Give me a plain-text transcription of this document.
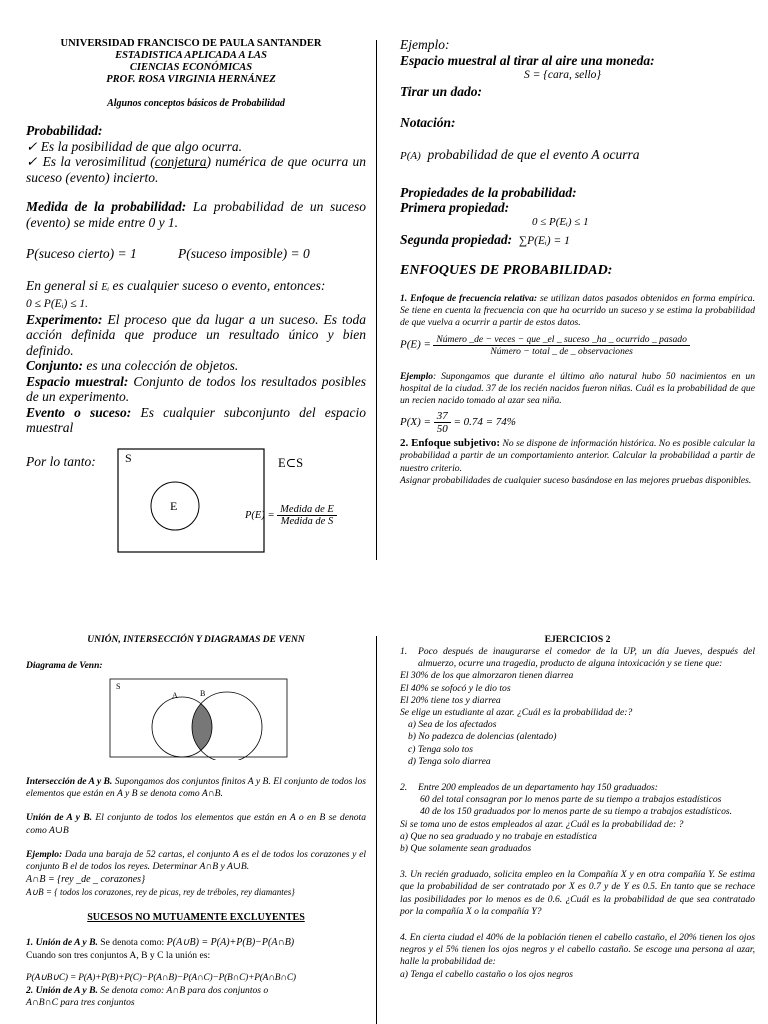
UNIVERSIDAD FRANCISCO DE PAULA SANTANDER
ESTADISTICA APLICADA A LAS
CIENCIAS ECONÓMICAS
PROF. ROSA VIRGINIA HERNÁNEZ
Algunos conceptos básicos de Probabilidad

Probabilidad:

✓ Es la posibilidad de que algo ocurra.

✓ Es la verosimilitud (conjetura) numérica de que ocurra un suceso (evento) incierto.

Medida de la probabilidad: La probabilidad de un suceso (evento) se mide entre 0 y 1.

P(suceso cierto) = 1	P(suceso imposible) = 0

En general si Eᵢ es cualquier suceso o evento, entonces:

0 ≤ P(Eᵢ) ≤ 1.

Experimento: El proceso que da lugar a un suceso. Es toda acción definida que produce un resultado único y bien definido.

Conjunto: es una colección de objetos.

Espacio muestral: Conjunto de todos los resultados posibles de un experimento.

Evento o suceso: Es cualquier subconjunto del espacio muestral

Por lo tanto: S
E
E⊂S
$P(E) = \frac{\text{Medida de E}}{\text{Medida de S}}$

Ejemplo:

Espacio muestral al tirar al aire una moneda:

S = {cara, sello}

Tirar un dado:

Notación:

P(A) probabilidad de que el evento A ocurra

Propiedades de la probabilidad:

Primera propiedad:

0 ≤ P(Eᵢ) ≤ 1

Segunda propiedad: ∑P(Eᵢ) = 1

ENFOQUES DE PROBABILIDAD:

1. Enfoque de frecuencia relativa: se utilizan datos pasados obtenidos en forma empírica. Se tiene en cuenta la frecuencia con que ha ocurrido un suceso y se estima la probabilidad de que vuelva a ocurrir a partir de estos datos.

P(E) = Número _de − veces − que _el _ suceso _ha _ ocurrido _ pasado
Número − total _ de _ observaciones

Ejemplo: Supongamos que durante el último año natural hubo 50 nacimientos en un hospital de la ciudad. 37 de los recién nacidos fueron niñas. Cuál es la probabilidad de que un recien nacido tomado al azar sea niña.

$P(X) = \frac{37}{50} = 0.74 = 74\%$

2. Enfoque subjetivo: No se dispone de información histórica. No es posible calcular la probabilidad a partir de un comportamiento anterior. Calcular la probabilidad a partir de nuestro criterio.

Asignar probabilidades de cualquier suceso basándose en las mejores pruebas disponibles.

UNIÓN, INTERSECCIÓN Y DIAGRAMAS DE VENN

Diagrama de Venn:

S
A	B

Intersección de A y B. Supongamos dos conjuntos finitos A y B. El conjunto de todos los elementos que están en A y B se denota como A∩B.

Unión de A y B. El conjunto de todos los elementos que están en A o en B se denota como A∪B

Ejemplo: Dada una baraja de 52 cartas, el conjunto A es el de todos los corazones y el conjunto B el de todos los reyes. Determinar A∩B y A∪B.

A∩B = {rey _de _ corazones}

A∪B = { todos los corazones, rey de picas, rey de tréboles, rey diamantes}

SUCESOS NO MUTUAMENTE EXCLUYENTES

1. Unión de A y B. Se denota como: P(A∪B) = P(A)+P(B)−P(A∩B)

Cuando son tres conjuntos A, B y C la unión es:

P(A∪B∪C) = P(A)+P(B)+P(C)−P(A∩B)−P(A∩C)−P(B∩C)+P(A∩B∩C)

2. Unión de A y B. Se denota como: A∩B para dos conjuntos o

A∩B∩C para tres conjuntos

EJERCICIOS 2

1. Poco después de inaugurarse el comedor de la UP, un día Jueves, después del almuerzo, ocurre una tragedia, producto de alguna intoxicación y se tiene que:

El 30% de los que almorzaron tienen diarrea

El 40% se sofocó y le dio tos

El 20% tiene tos y diarrea

Se elige un estudiante al azar. ¿Cuál es la probabilidad de:?

a) Sea de los afectados

b) No padezca de dolencias (alentado)

c) Tenga solo tos

d) Tenga solo diarrea

2. Entre 200 empleados de un departamento hay 150 graduados:

60 del total consagran por lo menos parte de su tiempo a trabajos estadísticos

40 de los 150 graduados por lo menos parte de su tiempo a trabajos estadísticos.

Si se toma uno de estos empleados al azar. ¿Cuál es la probabilidad de: ?

a) Que no sea graduado y no trabaje en estadística

b) Que solamente sean graduados

3. Un recién graduado, solicita empleo en la Compañía X y en otra compañía Y. Se estima que la probabilidad de ser contratado por X es 0.7 y de Y es 0.5. En tanto que se rechace las posibilidades por lo menos es de 0.6. ¿Cuál es la probabilidad de que sea contratado por la compañía X o la compañía Y?

4. En cierta ciudad el 40% de la población tienen el cabello castaño, el 20% tienen los ojos negros y el 5% tienen los ojos negros y el cabello castaño. Se escoge una persona al azar, halle la probabilidad de:

a) Tenga el cabello castaño o los ojos negros
